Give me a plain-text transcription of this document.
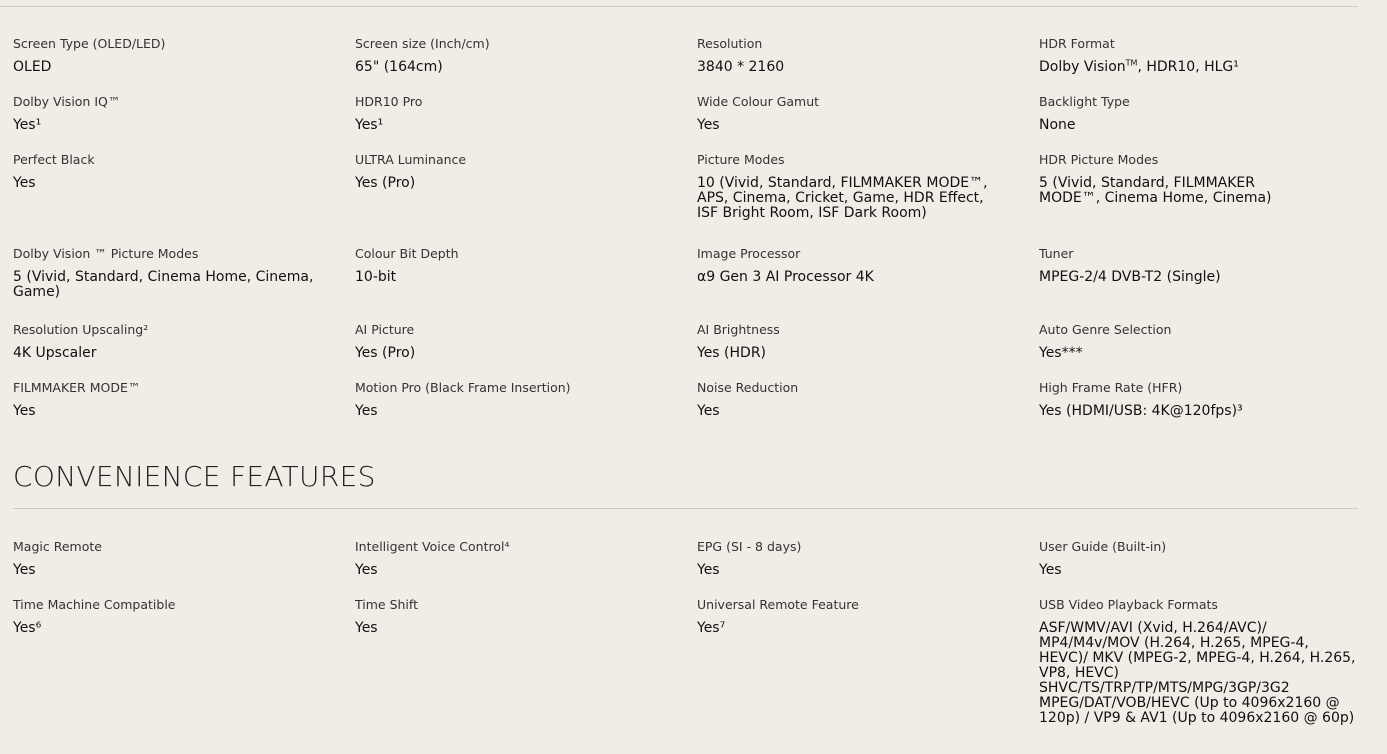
Screen Type (OLED/LED)
OLED
Screen size (Inch/cm)
65" (164cm)
Resolution
3840 * 2160
HDR Format
Dolby Vision™, HDR10, HLG¹
Dolby Vision IQ™
Yes¹
HDR10 Pro
Yes¹
Wide Colour Gamut
Yes
Backlight Type
None
Perfect Black
Yes
ULTRA Luminance
Yes (Pro)
Picture Modes
10 (Vivid, Standard, FILMMAKER MODE™, APS, Cinema, Cricket, Game, HDR Effect, ISF Bright Room, ISF Dark Room)
HDR Picture Modes
5 (Vivid, Standard, FILMMAKER MODE™, Cinema Home, Cinema)
Dolby Vision ™ Picture Modes
5 (Vivid, Standard, Cinema Home, Cinema, Game)
Colour Bit Depth
10-bit
Image Processor
α9 Gen 3 AI Processor 4K
Tuner
MPEG-2/4 DVB-T2 (Single)
Resolution Upscaling²
4K Upscaler
AI Picture
Yes (Pro)
AI Brightness
Yes (HDR)
Auto Genre Selection
Yes***
FILMMAKER MODE™
Yes
Motion Pro (Black Frame Insertion)
Yes
Noise Reduction
Yes
High Frame Rate (HFR)
Yes (HDMI/USB: 4K@120fps)³
CONVENIENCE FEATURES
Magic Remote
Yes
Intelligent Voice Control⁴
Yes
EPG (SI - 8 days)
Yes
User Guide (Built-in)
Yes
Time Machine Compatible
Yes⁶
Time Shift
Yes
Universal Remote Feature
Yes⁷
USB Video Playback Formats
ASF/WMV/AVI (Xvid, H.264/AVC)/ MP4/M4v/MOV (H.264, H.265, MPEG-4, HEVC)/ MKV (MPEG-2, MPEG-4, H.264, H.265, VP8, HEVC) SHVC/TS/TRP/TP/MTS/MPG/3GP/3G2 MPEG/DAT/VOB/HEVC (Up to 4096x2160 @ 120p) / VP9 & AV1 (Up to 4096x2160 @ 60p)
